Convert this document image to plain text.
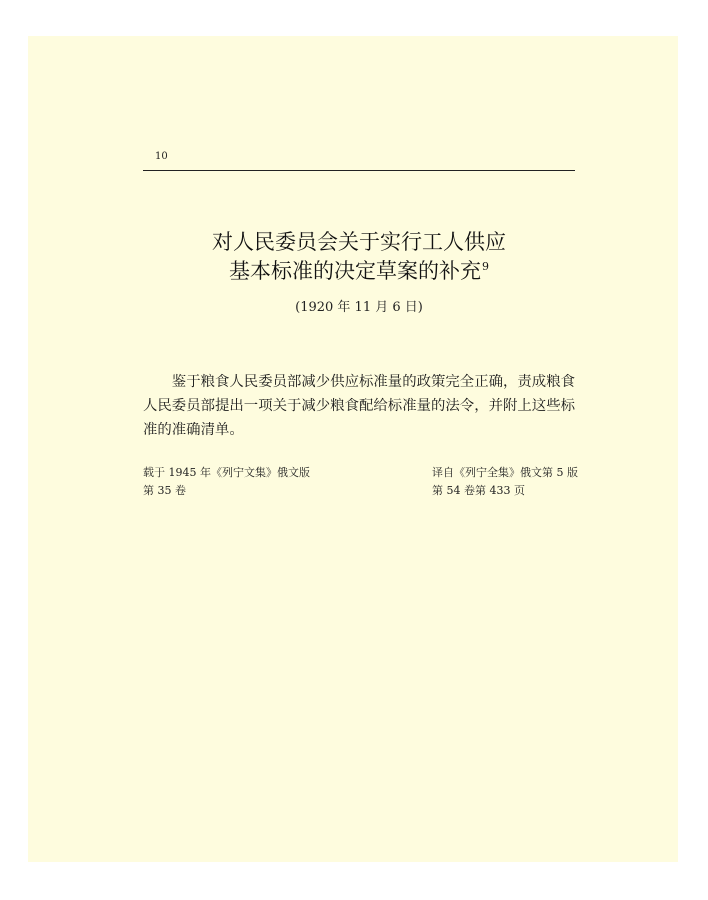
10
对人民委员会关于实行工人供应
基本标准的决定草案的补充$^9$
(1920 年 11 月 6 日)

鉴于粮食人民委员部减少供应标准量的政策完全正确，责成粮食人民委员部提出一项关于减少粮食配给标准量的法令，并附上这些标准的准确清单。

载于 1945 年《列宁文集》俄文版
第 35 卷
译自《列宁全集》俄文第 5 版
第 54 卷第 433 页
